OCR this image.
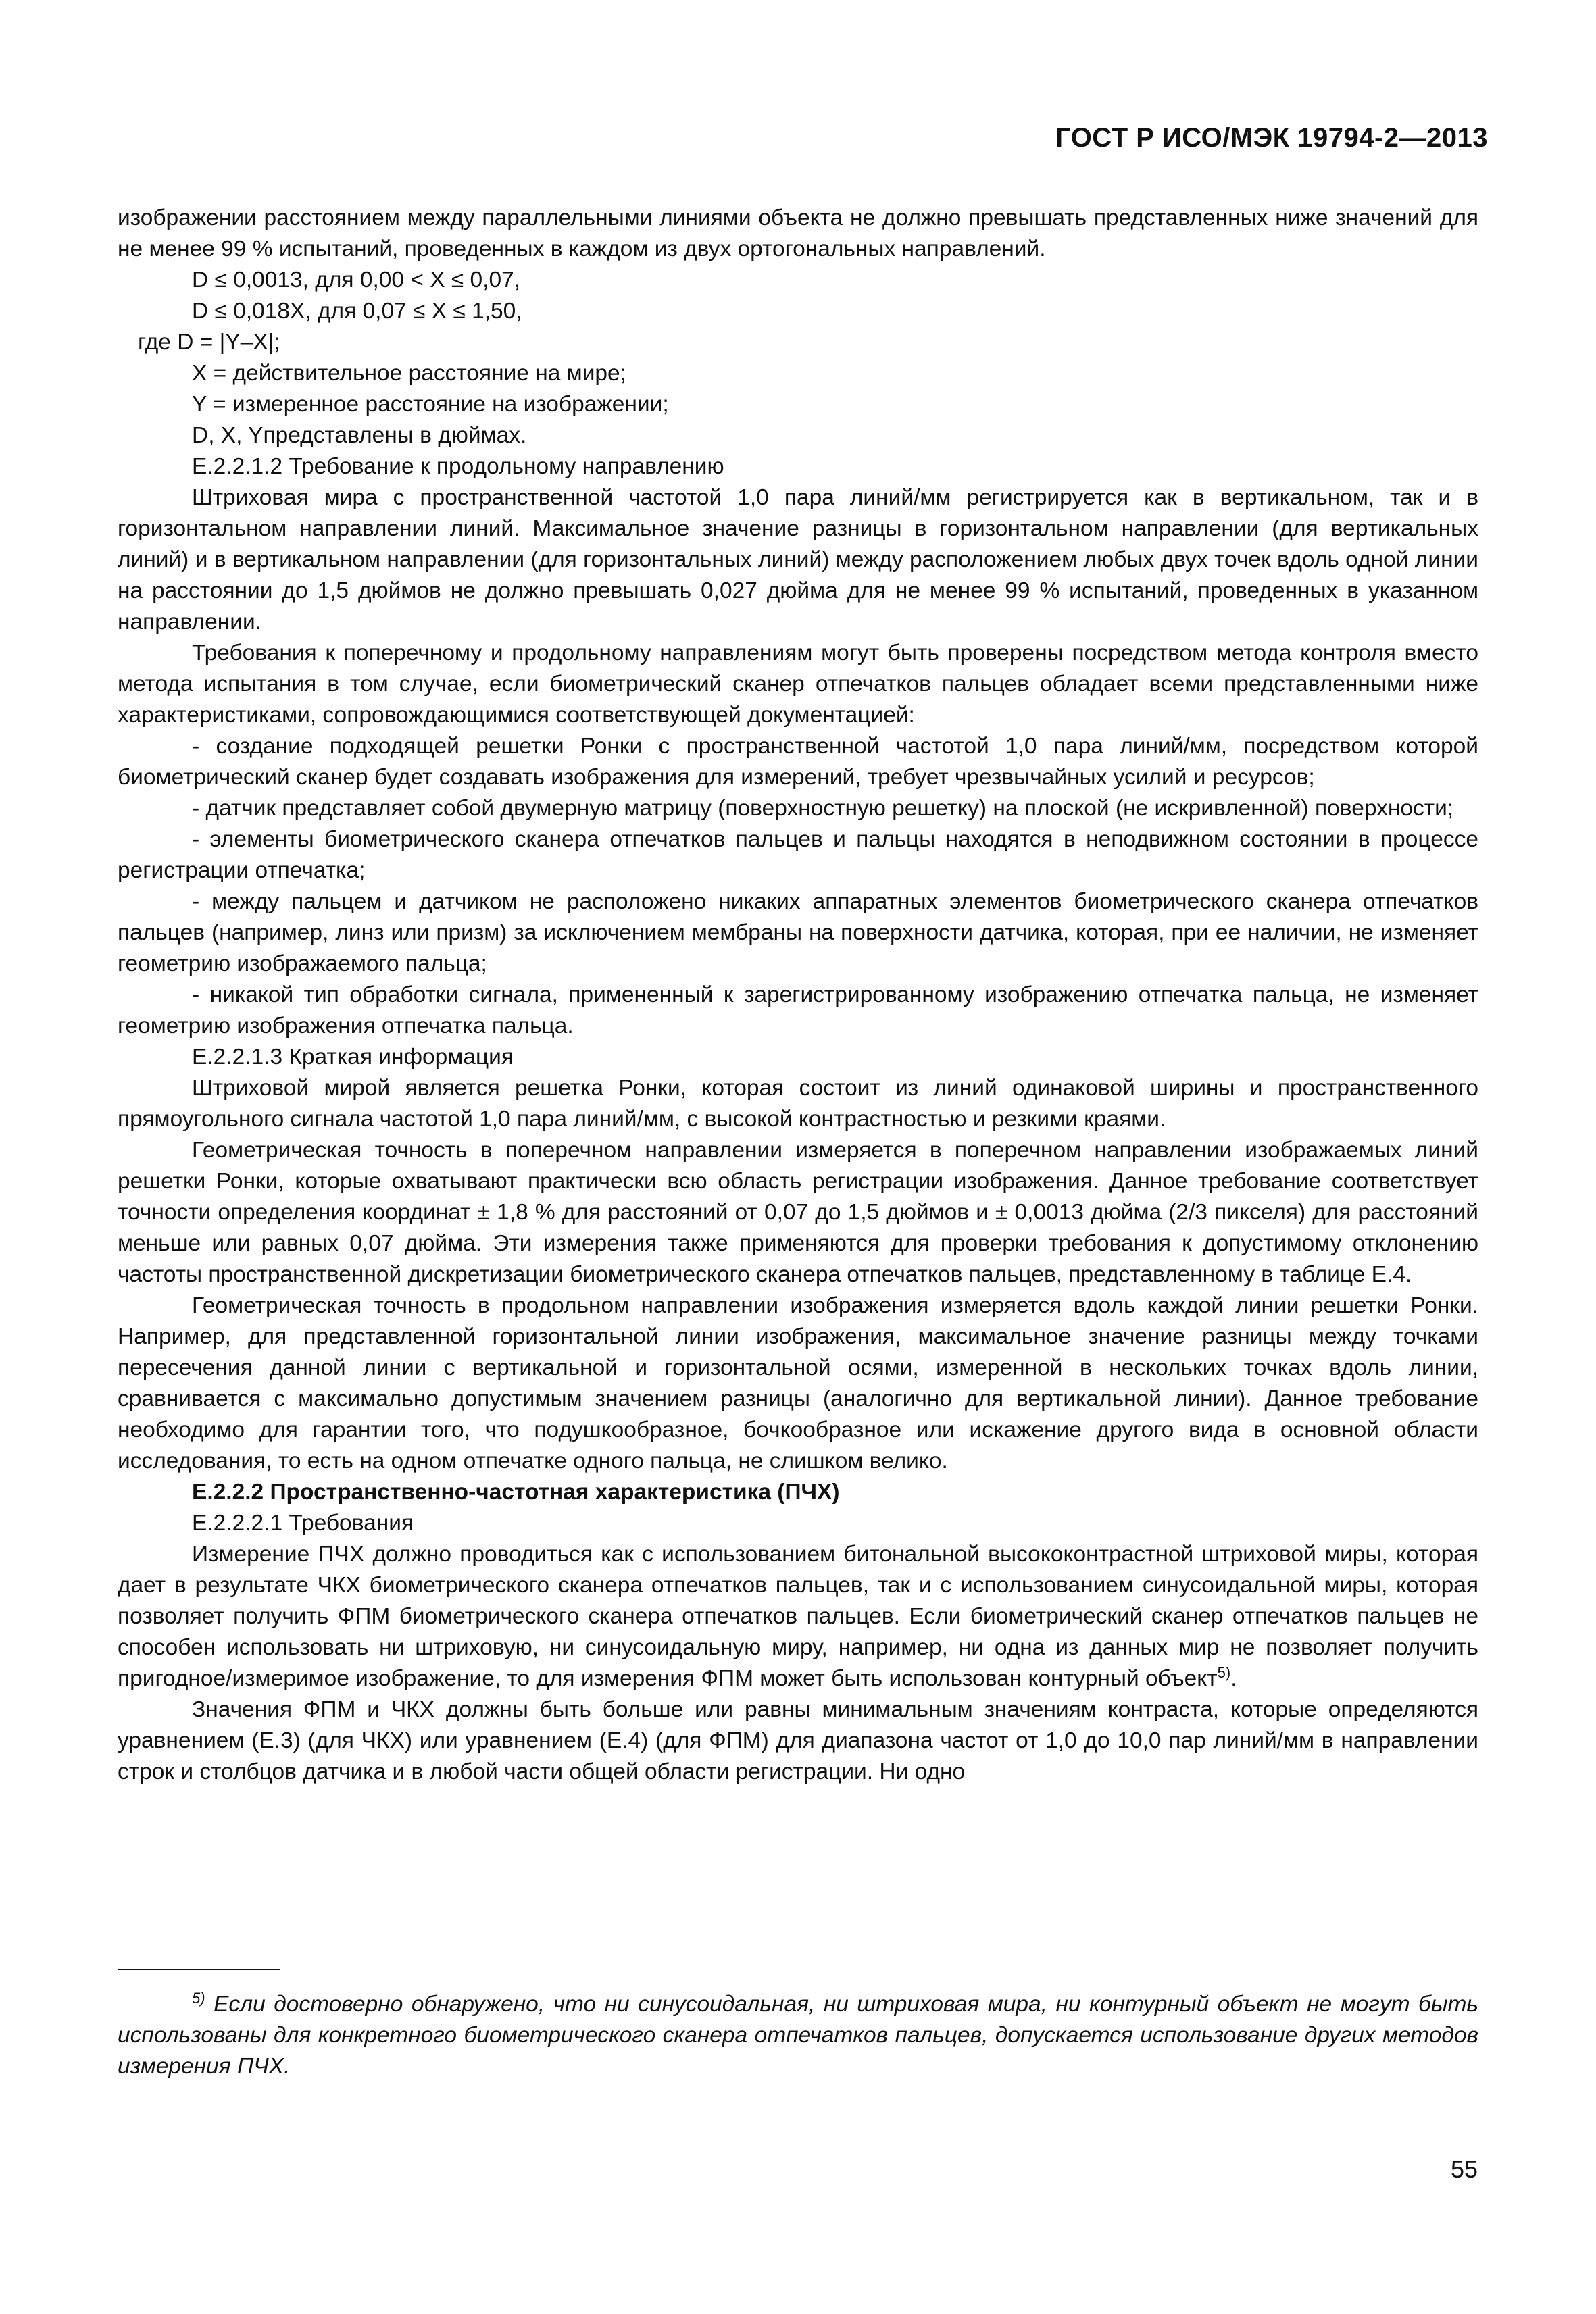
ГОСТ Р ИСО/МЭК 19794-2—2013

изображении расстоянием между параллельными линиями объекта не должно превышать представленных ниже значений для не менее 99 % испытаний, проведенных в каждом из двух ортогональных направлений.

D ≤ 0,0013, для 0,00 < X ≤ 0,07,

D ≤ 0,018X, для 0,07 ≤ X ≤ 1,50,

где D = |Y–X|;

X = действительное расстояние на мире;

Y = измеренное расстояние на изображении;

D, X, Yпредставлены в дюймах.

E.2.2.1.2 Требование к продольному направлению

Штриховая мира с пространственной частотой 1,0 пара линий/мм регистрируется как в вертикальном, так и в горизонтальном направлении линий. Максимальное значение разницы в горизонтальном направлении (для вертикальных линий) и в вертикальном направлении (для горизонтальных линий) между расположением любых двух точек вдоль одной линии на расстоянии до 1,5 дюймов не должно превышать 0,027 дюйма для не менее 99 % испытаний, проведенных в указанном направлении.

Требования к поперечному и продольному направлениям могут быть проверены посредством метода контроля вместо метода испытания в том случае, если биометрический сканер отпечатков пальцев обладает всеми представленными ниже характеристиками, сопровождающимися соответствующей документацией:

- создание подходящей решетки Ронки с пространственной частотой 1,0 пара линий/мм, посредством которой биометрический сканер будет создавать изображения для измерений, требует чрезвычайных усилий и ресурсов;

- датчик представляет собой двумерную матрицу (поверхностную решетку) на плоской (не искривленной) поверхности;

- элементы биометрического сканера отпечатков пальцев и пальцы находятся в неподвижном состоянии в процессе регистрации отпечатка;

- между пальцем и датчиком не расположено никаких аппаратных элементов биометрического сканера отпечатков пальцев (например, линз или призм) за исключением мембраны на поверхности датчика, которая, при ее наличии, не изменяет геометрию изображаемого пальца;

- никакой тип обработки сигнала, примененный к зарегистрированному изображению отпечатка пальца, не изменяет геометрию изображения отпечатка пальца.

E.2.2.1.3 Краткая информация

Штриховой мирой является решетка Ронки, которая состоит из линий одинаковой ширины и пространственного прямоугольного сигнала частотой 1,0 пара линий/мм, с высокой контрастностью и резкими краями.

Геометрическая точность в поперечном направлении измеряется в поперечном направлении изображаемых линий решетки Ронки, которые охватывают практически всю область регистрации изображения. Данное требование соответствует точности определения координат ± 1,8 % для расстояний от 0,07 до 1,5 дюймов и ± 0,0013 дюйма (2/3 пикселя) для расстояний меньше или равных 0,07 дюйма. Эти измерения также применяются для проверки требования к допустимому отклонению частоты пространственной дискретизации биометрического сканера отпечатков пальцев, представленному в таблице E.4.

Геометрическая точность в продольном направлении изображения измеряется вдоль каждой линии решетки Ронки. Например, для представленной горизонтальной линии изображения, максимальное значение разницы между точками пересечения данной линии с вертикальной и горизонтальной осями, измеренной в нескольких точках вдоль линии, сравнивается с максимально допустимым значением разницы (аналогично для вертикальной линии). Данное требование необходимо для гарантии того, что подушкообразное, бочкообразное или искажение другого вида в основной области исследования, то есть на одном отпечатке одного пальца, не слишком велико.

E.2.2.2 Пространственно-частотная характеристика (ПЧХ)

E.2.2.2.1 Требования

Измерение ПЧХ должно проводиться как с использованием битональной высококонтрастной штриховой миры, которая дает в результате ЧКХ биометрического сканера отпечатков пальцев, так и с использованием синусоидальной миры, которая позволяет получить ФПМ биометрического сканера отпечатков пальцев. Если биометрический сканер отпечатков пальцев не способен использовать ни штриховую, ни синусоидальную миру, например, ни одна из данных мир не позволяет получить пригодное/измеримое изображение, то для измерения ФПМ может быть использован контурный объект$^{5)}$.

Значения ФПМ и ЧКХ должны быть больше или равны минимальным значениям контраста, которые определяются уравнением (E.3) (для ЧКХ) или уравнением (E.4) (для ФПМ) для диапазона частот от 1,0 до 10,0 пар линий/мм в направлении строк и столбцов датчика и в любой части общей области регистрации. Ни одно

$^{5)}$ Если достоверно обнаружено, что ни синусоидальная, ни штриховая мира, ни контурный объект не могут быть использованы для конкретного биометрического сканера отпечатков пальцев, допускается использование других методов измерения ПЧХ.
55
